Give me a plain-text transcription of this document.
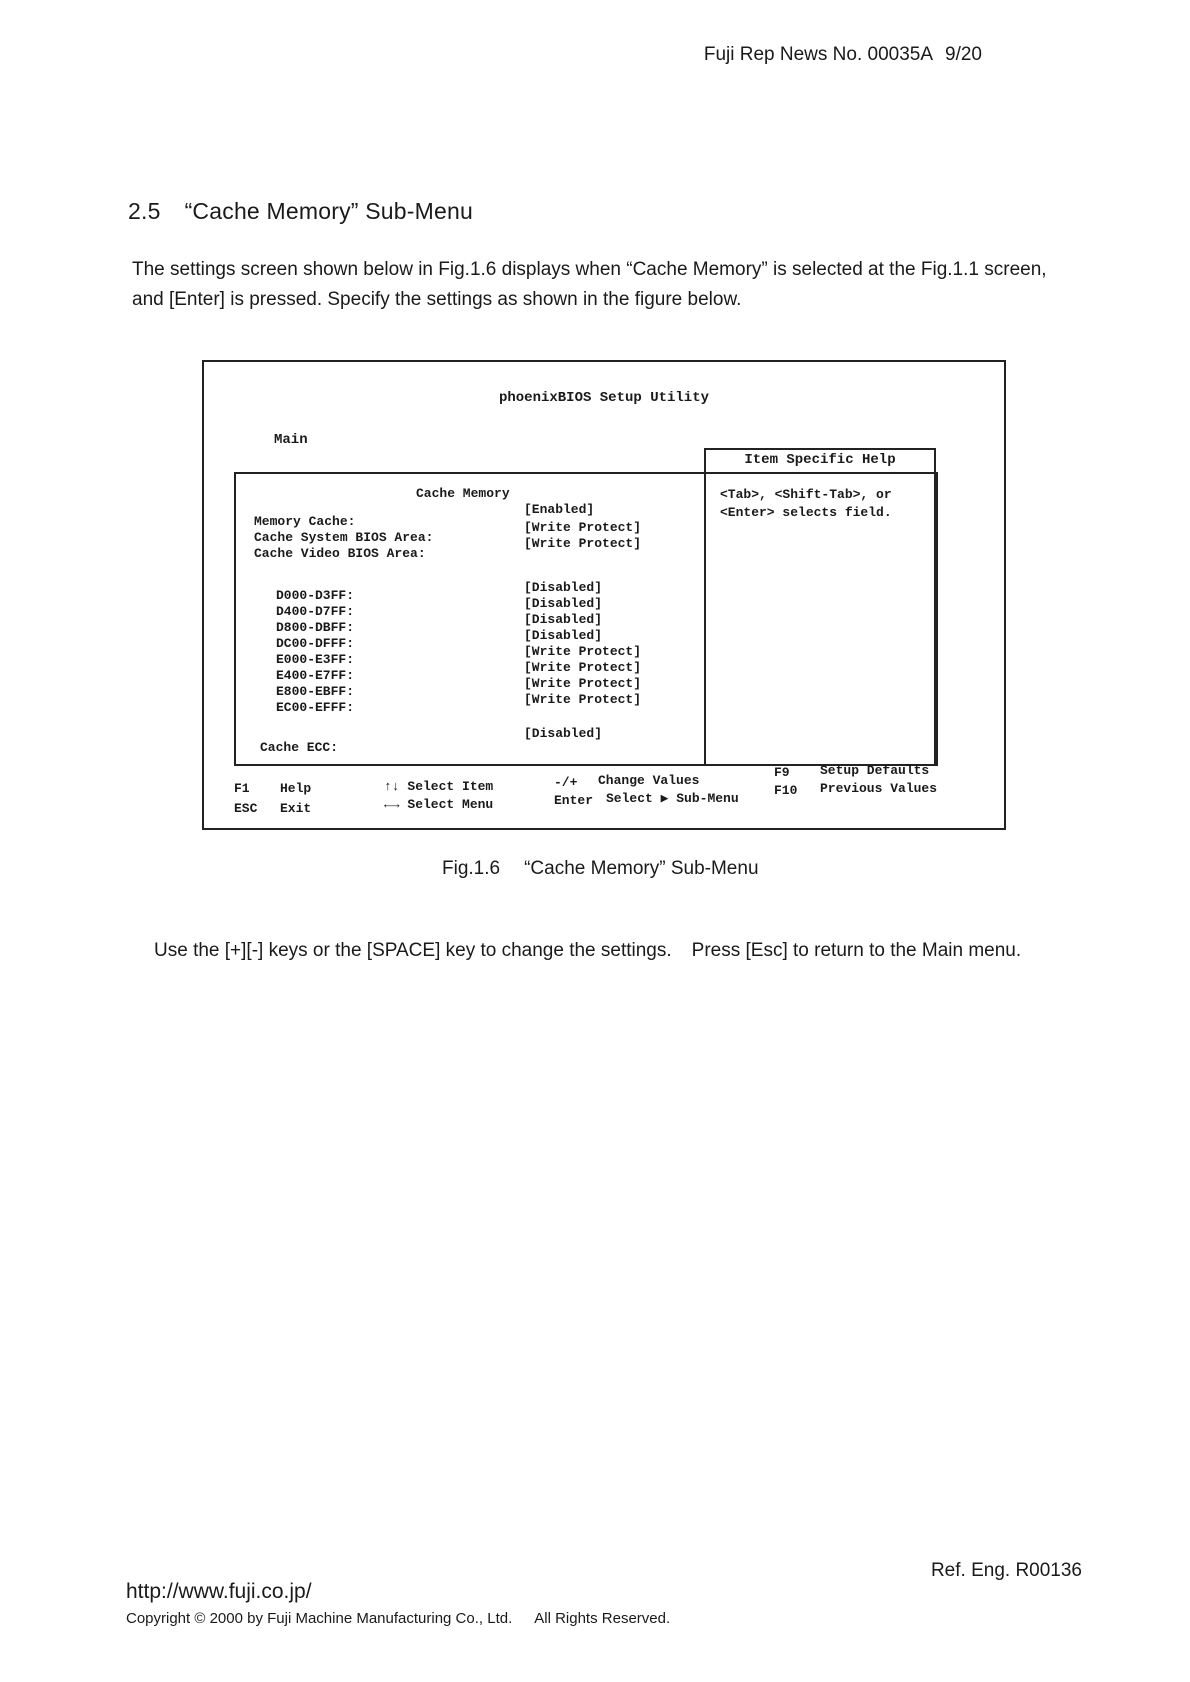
Fuji Rep News No. 00035A 9/20
2.5 “Cache Memory” Sub-Menu
The settings screen shown below in Fig.1.6 displays when “Cache Memory” is selected at the Fig.1.1 screen, and [Enter] is pressed. Specify the settings as shown in the figure below.
phoenixBIOS Setup Utility
Main
Cache Memory
Memory Cache:
[Enabled]
Cache System BIOS Area:
[Write Protect]
Cache Video BIOS Area:
[Write Protect]
D000-D3FF:
[Disabled]
D400-D7FF:
[Disabled]
D800-DBFF:
[Disabled]
DC00-DFFF:
[Disabled]
E000-E3FF:
[Write Protect]
E400-E7FF:
[Write Protect]
E800-EBFF:
[Write Protect]
EC00-EFFF:
[Write Protect]
Cache ECC:
[Disabled]
Item Specific Help
<Tab>, <Shift-Tab>, or
<Enter> selects field.
F1 Help
ESC Exit
↑↓ Select Item
←→ Select Menu
-/+ Change Values
Enter Select ▶ Sub-Menu
F9 Setup Defaults
F10 Previous Values
Fig.1.6 “Cache Memory” Sub-Menu
Use the [+][-] keys or the [SPACE] key to change the settings. Press [Esc] to return to the Main menu.
Ref. Eng. R00136
http://www.fuji.co.jp/
Copyright © 2000 by Fuji Machine Manufacturing Co., Ltd. All Rights Reserved.
